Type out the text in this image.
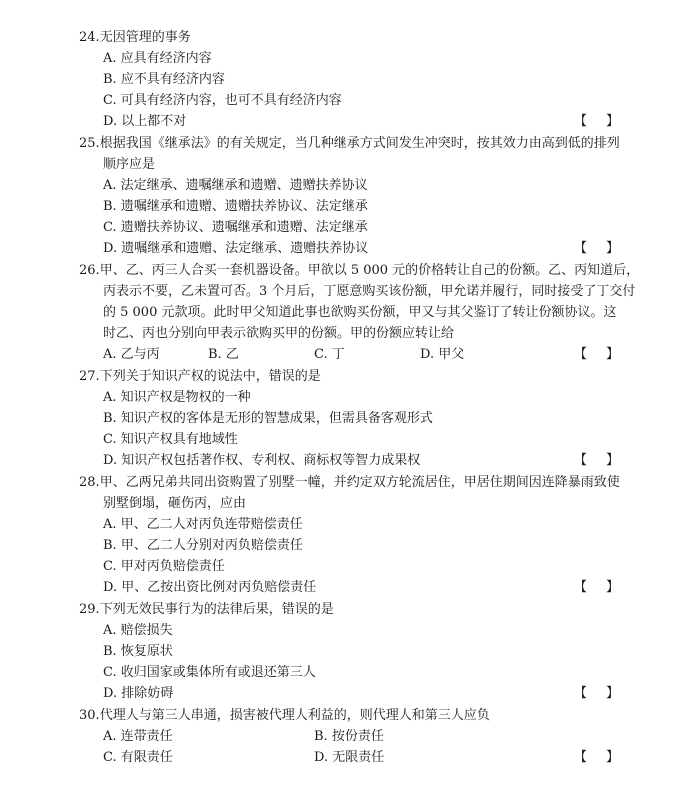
24.无因管理的事务
A. 应具有经济内容
B. 应不具有经济内容
C. 可具有经济内容，也可不具有经济内容
D. 以上都不对	【 】
25.根据我国《继承法》的有关规定，当几种继承方式间发生冲突时，按其效力由高到低的排列
顺序应是
A. 法定继承、遗嘱继承和遗赠、遗赠扶养协议
B. 遗嘱继承和遗赠、遗赠扶养协议、法定继承
C. 遗赠扶养协议、遗嘱继承和遗赠、法定继承
D. 遗嘱继承和遗赠、法定继承、遗赠扶养协议	【 】
26.甲、乙、丙三人合买一套机器设备。甲欲以 5 000 元的价格转让自己的份额。乙、丙知道后，
丙表示不要，乙未置可否。3 个月后，丁愿意购买该份额，甲允诺并履行，同时接受了丁交付
的 5 000 元款项。此时甲父知道此事也欲购买份额，甲又与其父鉴订了转让份额协议。这
时乙、丙也分别向甲表示欲购买甲的份额。甲的份额应转让给
A. 乙与丙	B. 乙	C. 丁	D. 甲父	【 】
27.下列关于知识产权的说法中，错误的是
A. 知识产权是物权的一种
B. 知识产权的客体是无形的智慧成果，但需具备客观形式
C. 知识产权具有地域性
D. 知识产权包括著作权、专利权、商标权等智力成果权	【 】
28.甲、乙两兄弟共同出资购置了别墅一幢，并约定双方轮流居住，甲居住期间因连降暴雨致使
别墅倒塌，砸伤丙，应由
A. 甲、乙二人对丙负连带赔偿责任
B. 甲、乙二人分别对丙负赔偿责任
C. 甲对丙负赔偿责任
D. 甲、乙按出资比例对丙负赔偿责任	【 】
29.下列无效民事行为的法律后果，错误的是
A. 赔偿损失
B. 恢复原状
C. 收归国家或集体所有或退还第三人
D. 排除妨碍	【 】
30.代理人与第三人串通，损害被代理人利益的，则代理人和第三人应负
A. 连带责任	B. 按份责任
C. 有限责任	D. 无限责任	【 】
